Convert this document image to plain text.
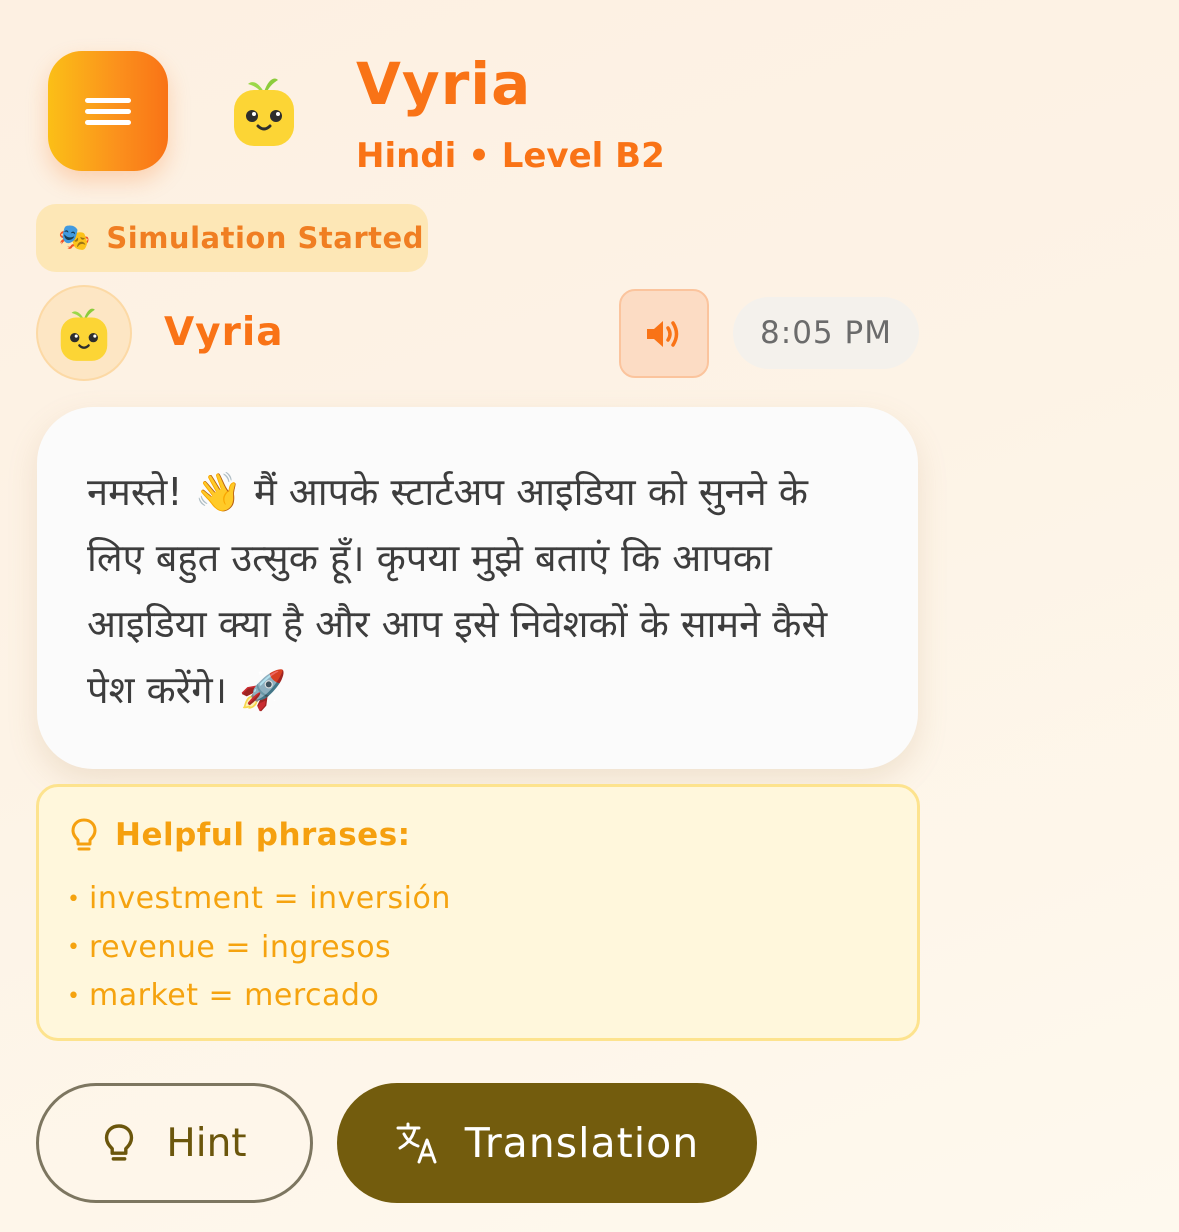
Vyria
Hindi • Level B2
🎭 Simulation Started
Vyria	8:05 PM
नमस्ते! 👋 मैं आपके स्टार्टअप आइडिया को सुनने के लिए बहुत उत्सुक हूँ। कृपया मुझे बताएं कि आपका आइडिया क्या है और आप इसे निवेशकों के सामने कैसे पेश करेंगे। 🚀
Helpful phrases:
• investment = inversión
• revenue = ingresos
• market = mercado
Hint	Translation
